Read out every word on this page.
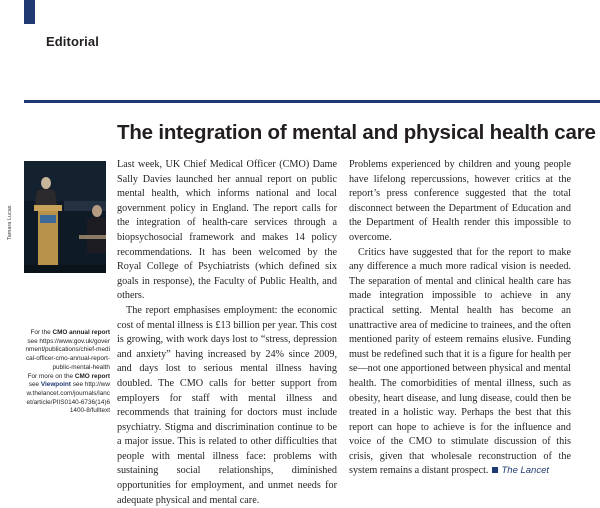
Editorial
The integration of mental and physical health care
Tamara Lucas
For the CMO annual report see https://www.gov.uk/government/publications/chief-medical-officer-cmo-annual-report-public-mental-health
For more on the CMO report see Viewpoint see http://www.thelancet.com/journals/lancet/article/PIIS0140-6736(14)61400-8/fulltext

Last week, UK Chief Medical Officer (CMO) Dame Sally Davies launched her annual report on public mental health, which informs national and local government policy in England. The report calls for the integration of health-care services through a biopsychosocial framework and makes 14 policy recommendations. It has been welcomed by the Royal College of Psychiatrists (which defined six goals in response), the Faculty of Public Health, and others.

The report emphasises employment: the economic cost of mental illness is £13 billion per year. This cost is growing, with work days lost to “stress, depression and anxiety” having increased by 24% since 2009, and days lost to serious mental illness having doubled. The CMO calls for better support from employers for staff with mental illness and recommends that training for doctors must include psychiatry. Stigma and discrimination continue to be a major issue. This is related to other difficulties that people with mental illness face: problems with sustaining social relationships, diminished opportunities for employment, and unmet needs for adequate physical and mental care.

Problems experienced by children and young people have lifelong repercussions, however critics at the report’s press conference suggested that the total disconnect between the Department of Education and the Department of Health render this impossible to overcome.

Critics have suggested that for the report to make any difference a much more radical vision is needed. The separation of mental and clinical health care has made integration impossible to achieve in any practical setting. Mental health has become an unattractive area of medicine to trainees, and the often mentioned parity of esteem remains elusive. Funding must be redefined such that it is a figure for health per se—not one apportioned between physical and mental health. The comorbidities of mental illness, such as obesity, heart disease, and lung disease, could then be treated in a holistic way. Perhaps the best that this report can hope to achieve is for the influence and voice of the CMO to stimulate discussion of this crisis, given that wholesale reconstruction of the system remains a distant prospect. The Lancet
